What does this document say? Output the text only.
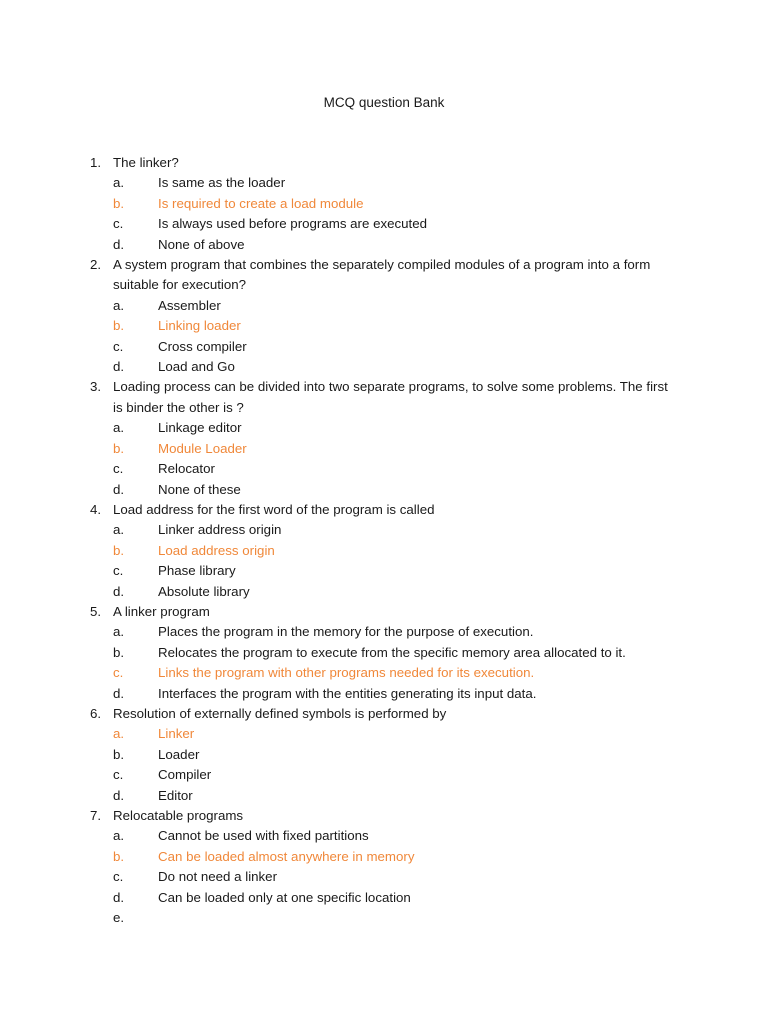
MCQ question Bank
1. The linker?
a.	Is same as the loader
b.	Is required to create a load module
c.	Is always used before programs are executed
d.	None of above
2. A system program that combines the separately compiled modules of a program into a form suitable for execution?
a.	Assembler
b.	Linking loader
c.	Cross compiler
d.	Load and Go
3. Loading process can be divided into two separate programs, to solve some problems. The first is binder the other is ?
a.	Linkage editor
b.	Module Loader
c.	Relocator
d.	None of these
4. Load address for the first word of the program is called
a.	Linker address origin
b.	Load address origin
c.	Phase library
d.	Absolute library
5. A linker program
a.	Places the program in the memory for the purpose of execution.
b.	Relocates the program to execute from the specific memory area allocated to it.
c.	Links the program with other programs needed for its execution.
d.	Interfaces the program with the entities generating its input data.
6. Resolution of externally defined symbols is performed by
a.	Linker
b.	Loader
c.	Compiler
d.	Editor
7. Relocatable programs
a.	Cannot be used with fixed partitions
b.	Can be loaded almost anywhere in memory
c.	Do not need a linker
d.	Can be loaded only at one specific location
e.
